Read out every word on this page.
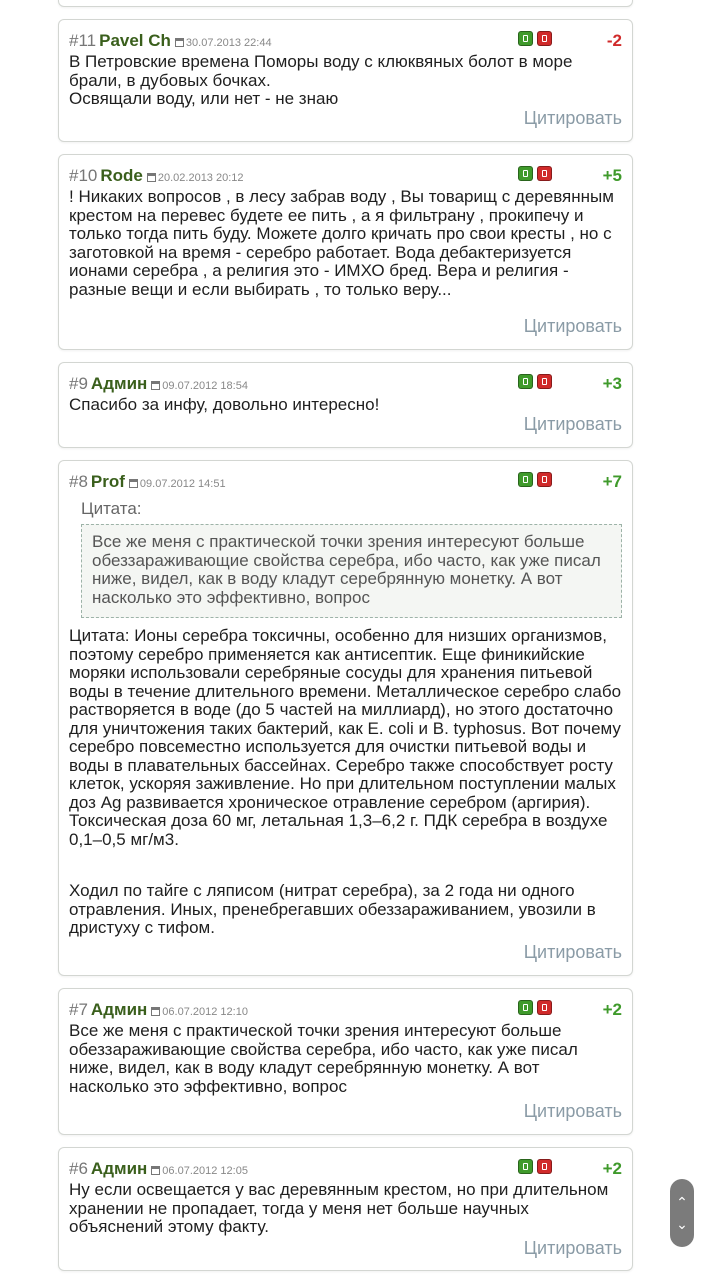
#11 Pavel Ch 30.07.2013 22:44	-2

В Петровские времена Поморы воду с клюквяных болот в море брали, в дубовых бочках.
Освящали воду, или нет - не знаю

Цитировать
#10 Rode 20.02.2013 20:12	+5

! Никаких вопросов , в лесу забрав воду , Вы товарищ с деревянным крестом на перевес будете ее пить , а я фильтрану , прокипечу и только тогда пить буду. Можете долго кричать про свои кресты , но с заготовкой на время - серебро работает. Вода дебактеризуется ионами серебра , а религия это - ИМХО бред. Вера и религия - разные вещи и если выбирать , то только веру...

Цитировать
#9 Админ 09.07.2012 18:54	+3

Спасибо за инфу, довольно интересно!

Цитировать
#8 Prof 09.07.2012 14:51	+7
Цитата:
Все же меня с практической точки зрения интересуют больше обеззараживающие свойства серебра, ибо часто, как уже писал ниже, видел, как в воду кладут серебрянную монетку. А вот насколько это эффективно, вопрос

Цитата: Ионы серебра токсичны, особенно для низших организмов, поэтому серебро применяется как антисептик. Еще финикийские моряки использовали серебряные сосуды для хранения питьевой воды в течение длительного времени. Металлическое серебро слабо растворяется в воде (до 5 частей на миллиард), но этого достаточно для уничтожения таких бактерий, как E. coli и B. typhosus. Вот почему серебро повсеместно используется для очистки питьевой воды и воды в плавательных бассейнах. Серебро также способствует росту клеток, ускоряя заживление. Но при длительном поступлении малых доз Ag развивается хроническое отравление серебром (аргирия). Токсическая доза 60 мг, летальная 1,3–6,2 г. ПДК серебра в воздухе 0,1–0,5 мг/м3.

Ходил по тайге с ляписом (нитрат серебра), за 2 года ни одного отравления. Иных, пренебрегавших обеззараживанием, увозили в дристуху с тифом.

Цитировать
#7 Админ 06.07.2012 12:10	+2

Все же меня с практической точки зрения интересуют больше обеззараживающие свойства серебра, ибо часто, как уже писал ниже, видел, как в воду кладут серебрянную монетку. А вот насколько это эффективно, вопрос

Цитировать
#6 Админ 06.07.2012 12:05	+2

Ну если освещается у вас деревянным крестом, но при длительном хранении не пропадает, тогда у меня нет больше научных объяснений этому факту.

Цитировать
⌃
⌄
